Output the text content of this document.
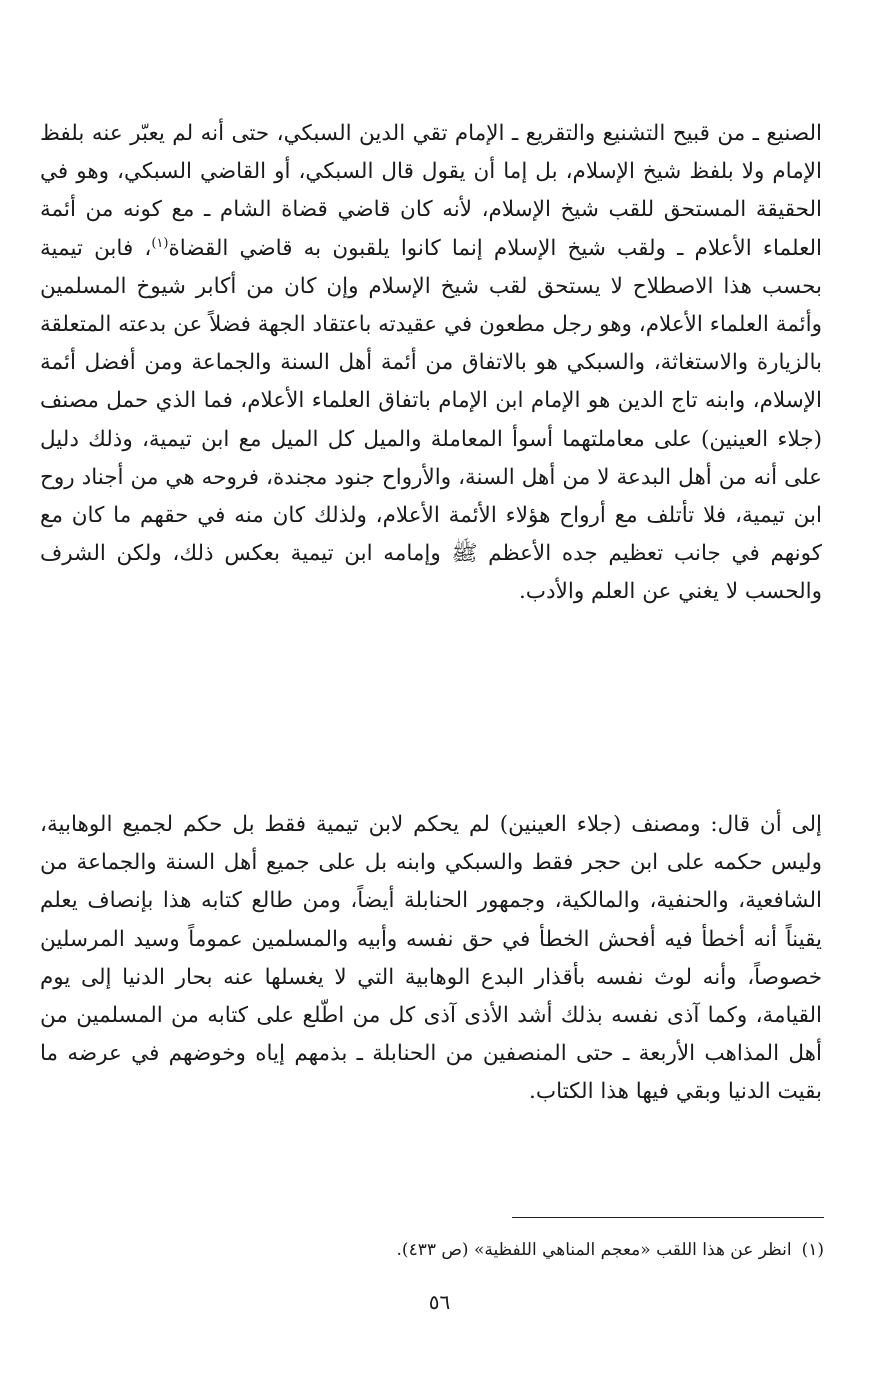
الصنيع ـ من قبيح التشنيع والتقريع ـ الإمام تقي الدين السبكي، حتى أنه لم يعبّر عنه بلفظ الإمام ولا بلفظ شيخ الإسلام، بل إما أن يقول قال السبكي، أو القاضي السبكي، وهو في الحقيقة المستحق للقب شيخ الإسلام، لأنه كان قاضي قضاة الشام ـ مع كونه من أئمة العلماء الأعلام ـ ولقب شيخ الإسلام إنما كانوا يلقبون به قاضي القضاة$^{(١)}$، فابن تيمية بحسب هذا الاصطلاح لا يستحق لقب شيخ الإسلام وإن كان من أكابر شيوخ المسلمين وأئمة العلماء الأعلام، وهو رجل مطعون في عقيدته باعتقاد الجهة فضلاً عن بدعته المتعلقة بالزيارة والاستغاثة، والسبكي هو بالاتفاق من أئمة أهل السنة والجماعة ومن أفضل أئمة الإسلام، وابنه تاج الدين هو الإمام ابن الإمام باتفاق العلماء الأعلام، فما الذي حمل مصنف (جلاء العينين) على معاملتهما أسوأ المعاملة والميل كل الميل مع ابن تيمية، وذلك دليل على أنه من أهل البدعة لا من أهل السنة، والأرواح جنود مجندة، فروحه هي من أجناد روح ابن تيمية، فلا تأتلف مع أرواح هؤلاء الأئمة الأعلام، ولذلك كان منه في حقهم ما كان مع كونهم في جانب تعظيم جده الأعظم ﷺ وإمامه ابن تيمية بعكس ذلك، ولكن الشرف والحسب لا يغني عن العلم والأدب.

إلى أن قال: ومصنف (جلاء العينين) لم يحكم لابن تيمية فقط بل حكم لجميع الوهابية، وليس حكمه على ابن حجر فقط والسبكي وابنه بل على جميع أهل السنة والجماعة من الشافعية، والحنفية، والمالكية، وجمهور الحنابلة أيضاً، ومن طالع كتابه هذا بإنصاف يعلم يقيناً أنه أخطأ فيه أفحش الخطأ في حق نفسه وأبيه والمسلمين عموماً وسيد المرسلين خصوصاً، وأنه لوث نفسه بأقذار البدع الوهابية التي لا يغسلها عنه بحار الدنيا إلى يوم القيامة، وكما آذى نفسه بذلك أشد الأذى آذى كل من اطّلع على كتابه من المسلمين من أهل المذاهب الأربعة ـ حتى المنصفين من الحنابلة ـ بذمهم إياه وخوضهم في عرضه ما بقيت الدنيا وبقي فيها هذا الكتاب.

(١)انظر عن هذا اللقب «معجم المناهي اللفظية» (ص ٤٣٣).

٥٦
